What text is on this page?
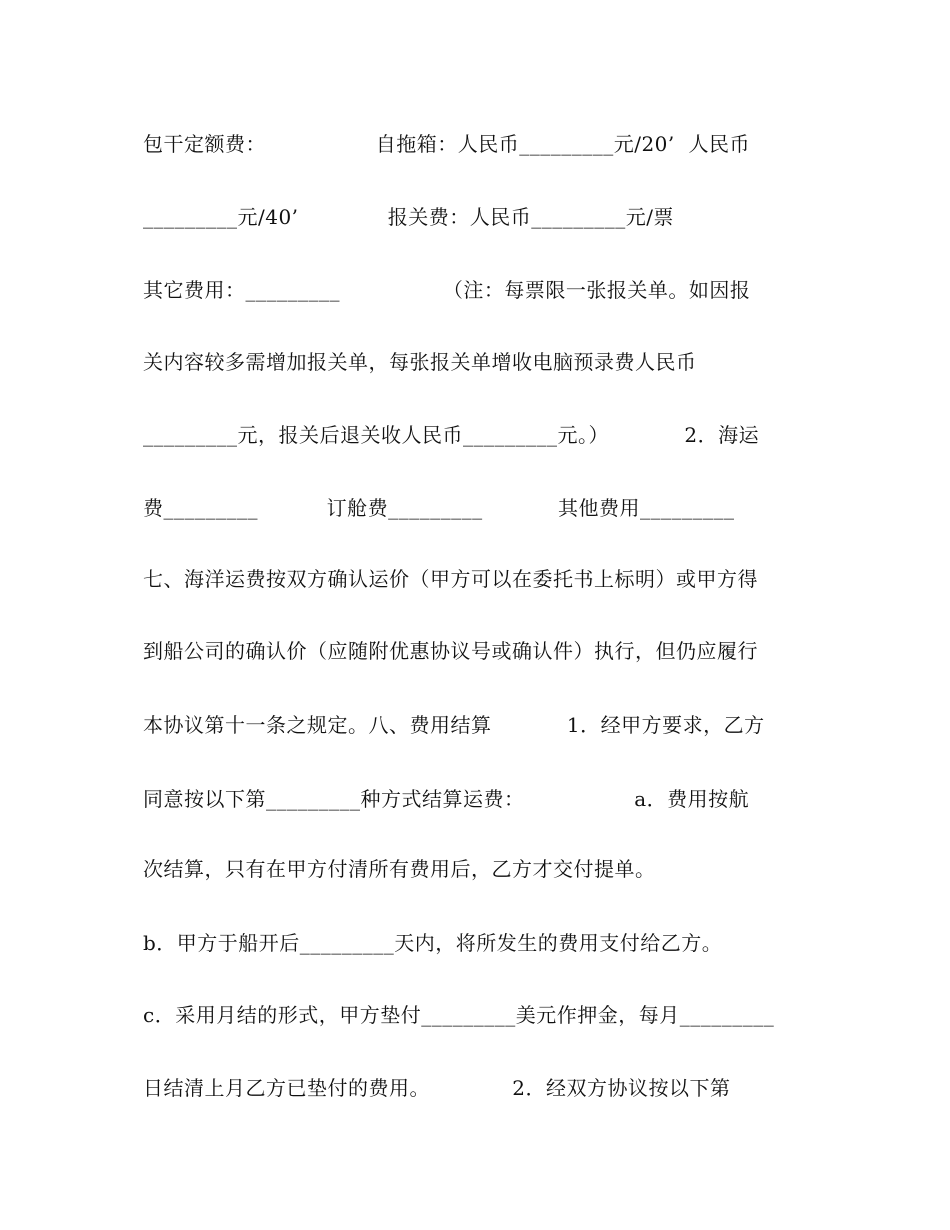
包干定额费：                自拖箱：人民币_________元/20’  人民币
_________元/40’             报关费：人民币_________元/票
其它费用：_________               （注：每票限一张报关单。如因报
关内容较多需增加报关单，每张报关单增收电脑预录费人民币
_________元，报关后退关收人民币_________元。）           2．海运
费_________          订舱费_________           其他费用_________
七、海洋运费按双方确认运价（甲方可以在委托书上标明）或甲方得
到船公司的确认价（应随附优惠协议号或确认件）执行，但仍应履行
本协议第十一条之规定。八、费用结算           1．经甲方要求，乙方
同意按以下第_________种方式结算运费：                a．费用按航
次结算，只有在甲方付清所有费用后，乙方才交付提单。
b．甲方于船开后_________天内，将所发生的费用支付给乙方。
c．采用月结的形式，甲方垫付_________美元作押金，每月_________
日结清上月乙方已垫付的费用。            2．经双方协议按以下第
